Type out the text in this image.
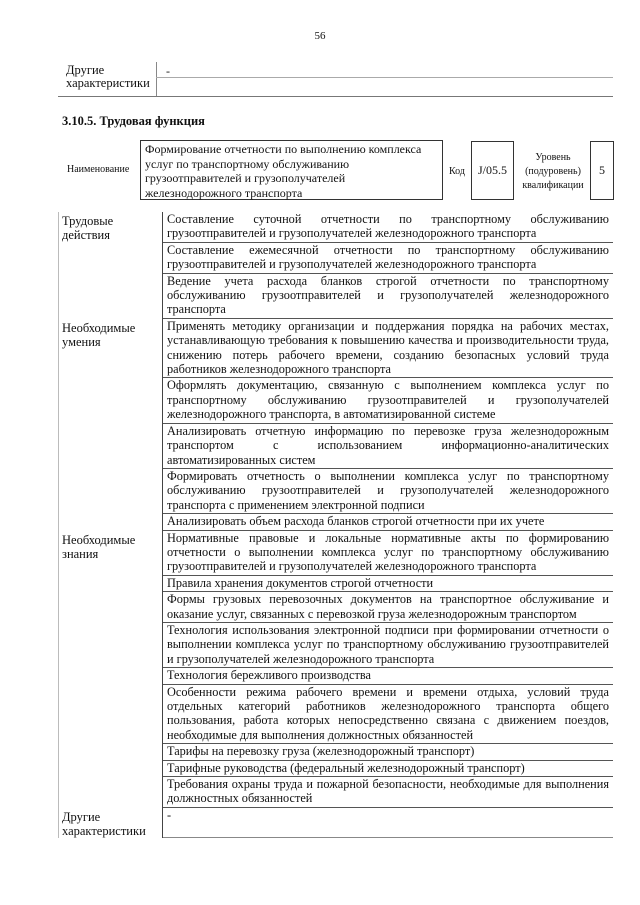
56
Другие характеристики
-
3.10.5. Трудовая функция
Наименование
Формирование отчетности по выполнению комплекса услуг по транспортному обслуживанию грузоотправителей и грузополучателей железнодорожного транспорта
Код	J/05.5
Уровень (подуровень) квалификации
5
Трудовые действия
Составление суточной отчетности по транспортному обслуживанию грузоотправителей и грузополучателей железнодорожного транспорта
Составление ежемесячной отчетности по транспортному обслуживанию грузоотправителей и грузополучателей железнодорожного транспорта
Ведение учета расхода бланков строгой отчетности по транспортному обслуживанию грузоотправителей и грузополучателей железнодорожного транспорта
Необходимые умения
Применять методику организации и поддержания порядка на рабочих местах, устанавливающую требования к повышению качества и производительности труда, снижению потерь рабочего времени, созданию безопасных условий труда работников железнодорожного транспорта
Оформлять документацию, связанную с выполнением комплекса услуг по транспортному обслуживанию грузоотправителей и грузополучателей железнодорожного транспорта, в автоматизированной системе
Анализировать отчетную информацию по перевозке груза железнодорожным транспортом с использованием информационно-аналитических автоматизированных систем
Формировать отчетность о выполнении комплекса услуг по транспортному обслуживанию грузоотправителей и грузополучателей железнодорожного транспорта с применением электронной подписи
Анализировать объем расхода бланков строгой отчетности при их учете
Необходимые знания
Нормативные правовые и локальные нормативные акты по формированию отчетности о выполнении комплекса услуг по транспортному обслуживанию грузоотправителей и грузополучателей железнодорожного транспорта
Правила хранения документов строгой отчетности
Формы грузовых перевозочных документов на транспортное обслуживание и оказание услуг, связанных с перевозкой груза железнодорожным транспортом
Технология использования электронной подписи при формировании отчетности о выполнении комплекса услуг по транспортному обслуживанию грузоотправителей и грузополучателей железнодорожного транспорта
Технология бережливого производства
Особенности режима рабочего времени и времени отдыха, условий труда отдельных категорий работников железнодорожного транспорта общего пользования, работа которых непосредственно связана с движением поездов, необходимые для выполнения должностных обязанностей
Тарифы на перевозку груза (железнодорожный транспорт)
Тарифные руководства (федеральный железнодорожный транспорт)
Требования охраны труда и пожарной безопасности, необходимые для выполнения должностных обязанностей
Другие характеристики
-
